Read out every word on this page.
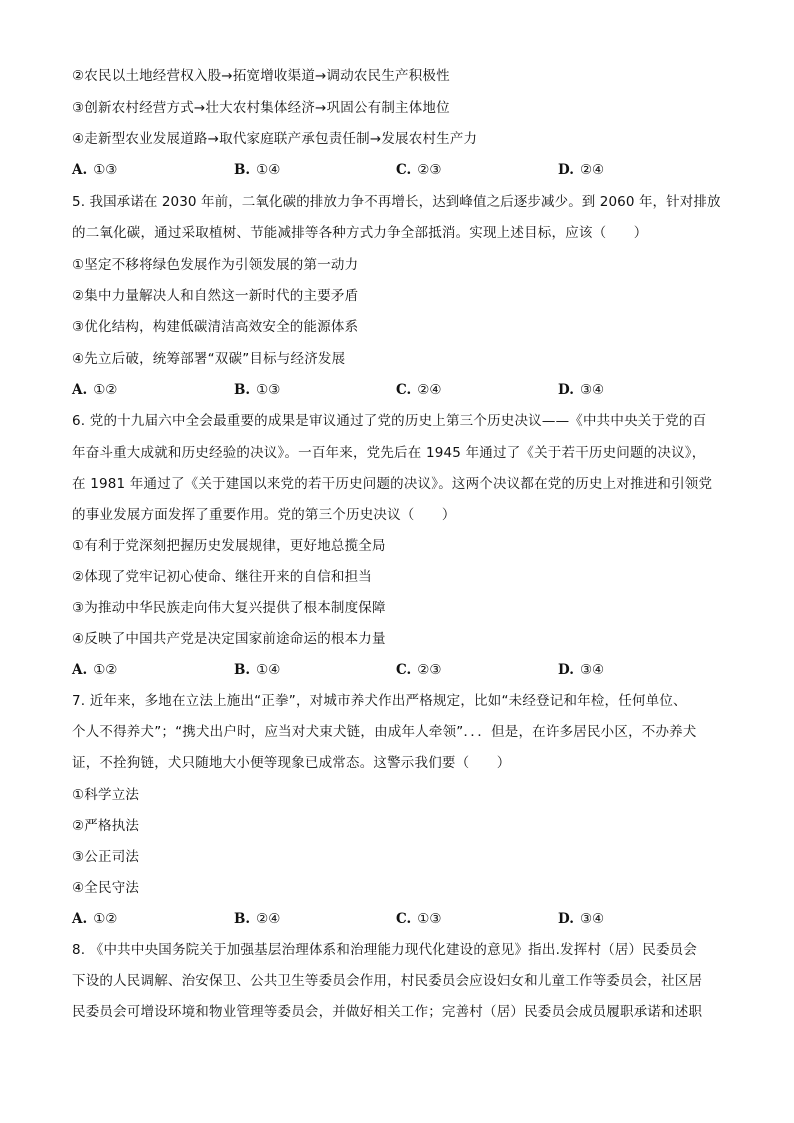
②农民以土地经营权入股→拓宽增收渠道→调动农民生产积极性
③创新农村经营方式→壮大农村集体经济→巩固公有制主体地位
④走新型农业发展道路→取代家庭联产承包责任制→发展农村生产力
A. ①③	B. ①④	C. ②③	D. ②④
5. 我国承诺在 2030 年前，二氧化碳的排放力争不再增长，达到峰值之后逐步减少。到 2060 年，针对排放
的二氧化碳，通过采取植树、节能减排等各种方式力争全部抵消。实现上述目标，应该（　　）
①坚定不移将绿色发展作为引领发展的第一动力
②集中力量解决人和自然这一新时代的主要矛盾
③优化结构，构建低碳清洁高效安全的能源体系
④先立后破，统筹部署“双碳”目标与经济发展
A. ①②	B. ①③	C. ②④	D. ③④
6. 党的十九届六中全会最重要的成果是审议通过了党的历史上第三个历史决议——《中共中央关于党的百
年奋斗重大成就和历史经验的决议》。一百年来，党先后在 1945 年通过了《关于若干历史问题的决议》，
在 1981 年通过了《关于建国以来党的若干历史问题的决议》。这两个决议都在党的历史上对推进和引领党
的事业发展方面发挥了重要作用。党的第三个历史决议（　　）
①有利于党深刻把握历史发展规律，更好地总揽全局
②体现了党牢记初心使命、继往开来的自信和担当
③为推动中华民族走向伟大复兴提供了根本制度保障
④反映了中国共产党是决定国家前途命运的根本力量
A. ①②	B. ①④	C. ②③	D. ③④
7. 近年来，多地在立法上施出“正拳”，对城市养犬作出严格规定，比如“未经登记和年检，任何单位、
个人不得养犬”；“携犬出户时，应当对犬束犬链，由成年人牵领”．．．但是，在许多居民小区，不办养犬
证，不拴狗链，犬只随地大小便等现象已成常态。这警示我们要（　　）
①科学立法
②严格执法
③公正司法
④全民守法
A. ①②	B. ②④	C. ①③	D. ③④
8. 《中共中央国务院关于加强基层治理体系和治理能力现代化建设的意见》指出.发挥村（居）民委员会
下设的人民调解、治安保卫、公共卫生等委员会作用，村民委员会应设妇女和儿童工作等委员会，社区居
民委员会可增设环境和物业管理等委员会，并做好相关工作；完善村（居）民委员会成员履职承诺和述职
